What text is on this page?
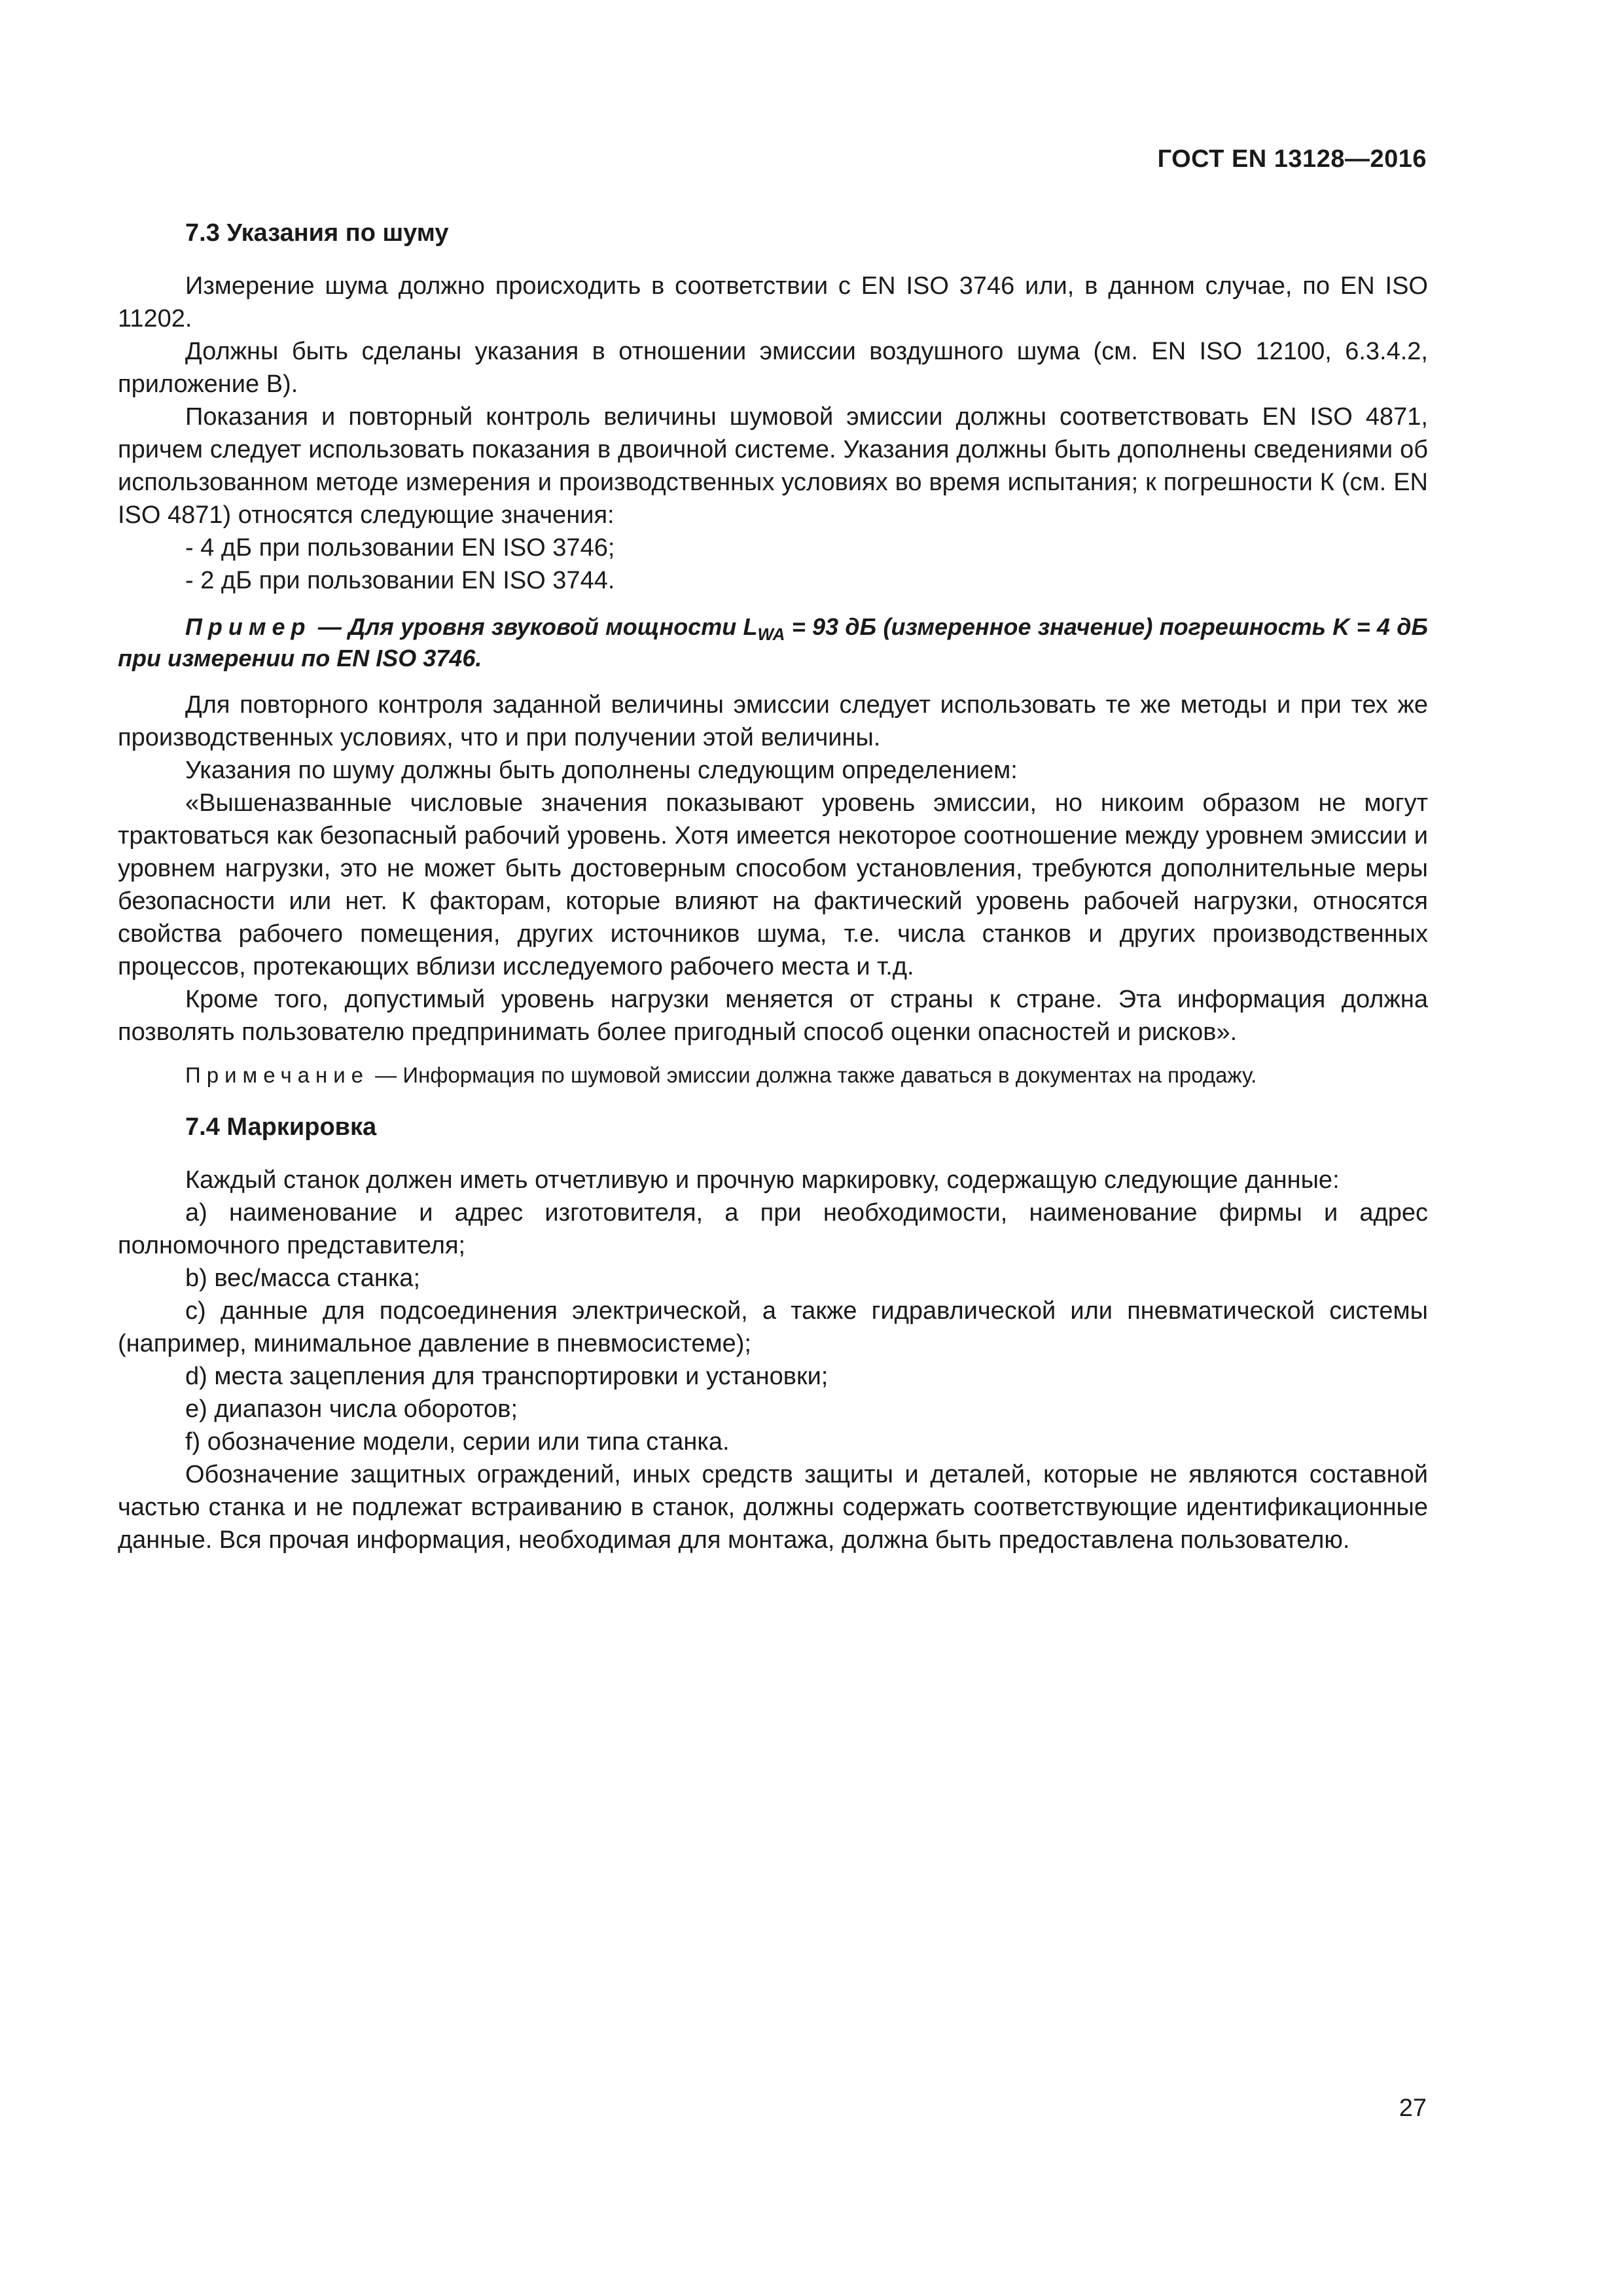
ГОСТ EN 13128—2016
7.3 Указания по шуму

Измерение шума должно происходить в соответствии с EN ISO 3746 или, в данном случае, по EN ISO 11202.

Должны быть сделаны указания в отношении эмиссии воздушного шума (см. EN ISO 12100, 6.3.4.2, приложение В).

Показания и повторный контроль величины шумовой эмиссии должны соответствовать EN ISO 4871, причем следует использовать показания в двоичной системе. Указания должны быть дополнены сведениями об использованном методе измерения и производственных условиях во время испытания; к погрешности К (см. EN ISO 4871) относятся следующие значения:

- 4 дБ при пользовании EN ISO 3746;

- 2 дБ при пользовании EN ISO 3744.

Пример — Для уровня звуковой мощности $L_{WA} = 93$ дБ (измеренное значение) погрешность K = 4 дБ при измерении по EN ISO 3746.

Для повторного контроля заданной величины эмиссии следует использовать те же методы и при тех же производственных условиях, что и при получении этой величины.

Указания по шуму должны быть дополнены следующим определением:

«Вышеназванные числовые значения показывают уровень эмиссии, но никоим образом не могут трактоваться как безопасный рабочий уровень. Хотя имеется некоторое соотношение между уровнем эмиссии и уровнем нагрузки, это не может быть достоверным способом установления, требуются дополнительные меры безопасности или нет. К факторам, которые влияют на фактический уровень рабочей нагрузки, относятся свойства рабочего помещения, других источников шума, т.е. числа станков и других производственных процессов, протекающих вблизи исследуемого рабочего места и т.д.

Кроме того, допустимый уровень нагрузки меняется от страны к стране. Эта информация должна позволять пользователю предпринимать более пригодный способ оценки опасностей и рисков».

Примечание — Информация по шумовой эмиссии должна также даваться в документах на продажу.

7.4 Маркировка

Каждый станок должен иметь отчетливую и прочную маркировку, содержащую следующие данные:

а) наименование и адрес изготовителя, а при необходимости, наименование фирмы и адрес полномочного представителя;

b) вес/масса станка;

с) данные для подсоединения электрической, а также гидравлической или пневматической системы (например, минимальное давление в пневмосистеме);

d) места зацепления для транспортировки и установки;

е) диапазон числа оборотов;

f) обозначение модели, серии или типа станка.

Обозначение защитных ограждений, иных средств защиты и деталей, которые не являются составной частью станка и не подлежат встраиванию в станок, должны содержать соответствующие идентификационные данные. Вся прочая информация, необходимая для монтажа, должна быть предоставлена пользователю.

27
